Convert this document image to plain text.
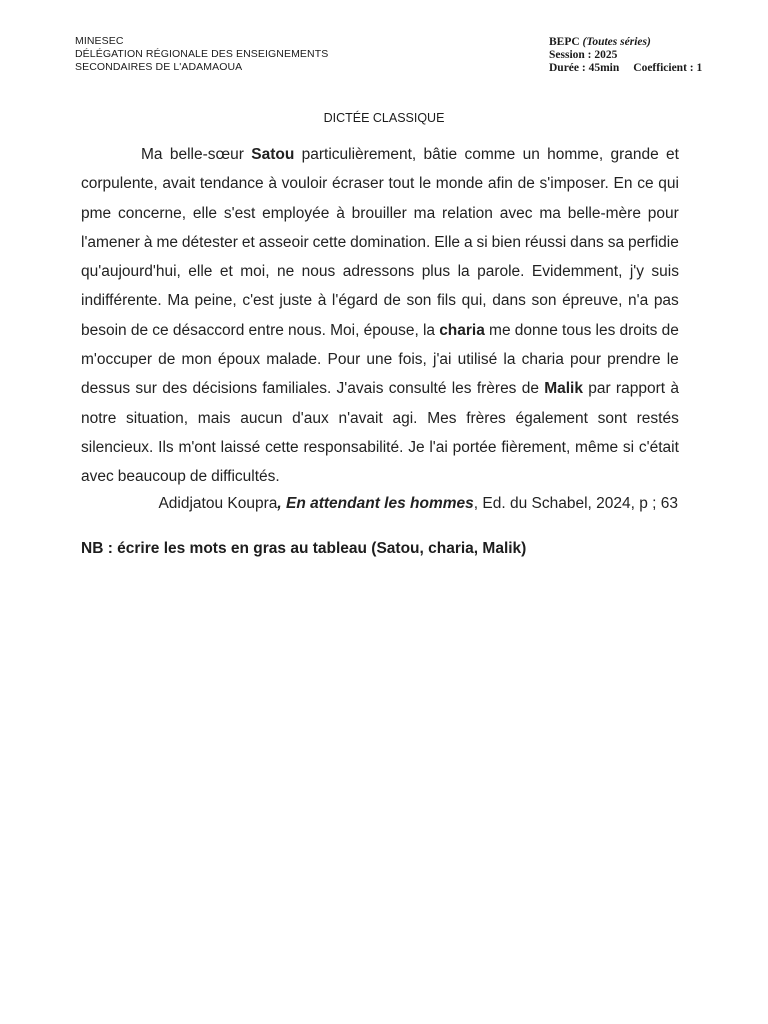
MINESEC
DÉLÉGATION RÉGIONALE DES ENSEIGNEMENTS
SECONDAIRES DE L'ADAMAOUA
BEPC (Toutes séries)
Session : 2025
Durée : 45min Coefficient : 1
DICTÉE CLASSIQUE
Ma belle-sœur Satou particulièrement, bâtie comme un homme, grande et
corpulente, avait tendance à vouloir écraser tout le monde afin de s'imposer. En ce qui
pme concerne, elle s'est employée à brouiller ma relation avec ma belle-mère pour
l'amener à me détester et asseoir cette domination. Elle a si bien réussi dans sa perfidie
qu'aujourd'hui, elle et moi, ne nous adressons plus la parole. Evidemment, j'y suis
indifférente. Ma peine, c'est juste à l'égard de son fils qui, dans son épreuve, n'a pas
besoin de ce désaccord entre nous. Moi, épouse, la charia me donne tous les droits de
m'occuper de mon époux malade. Pour une fois, j'ai utilisé la charia pour prendre le
dessus sur des décisions familiales. J'avais consulté les frères de Malik par rapport à
notre situation, mais aucun d'aux n'avait agi. Mes frères également sont restés
silencieux. Ils m'ont laissé cette responsabilité. Je l'ai portée fièrement, même si c'était
avec beaucoup de difficultés.
Adidjatou Koupra, En attendant les hommes, Ed. du Schabel, 2024, p ; 63
NB : écrire les mots en gras au tableau (Satou, charia, Malik)
